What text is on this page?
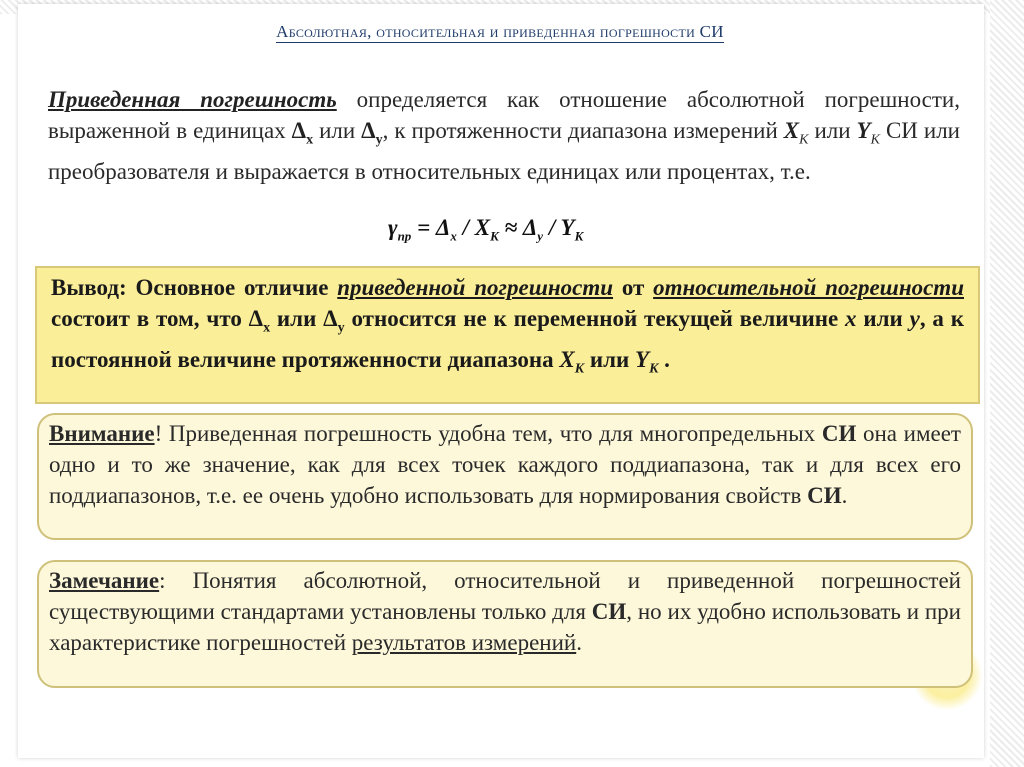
Абсолютная, относительная и приведенная погрешности СИ
Приведенная погрешность определяется как отношение абсолютной погрешности, выраженной в единицах $\Delta_x$ или $\Delta_y$, к протяженности диапазона измерений $X_K$ или $Y_K$ СИ или преобразователя и выражается в относительных единицах или процентах, т.е.
$\gamma_{пр} = \Delta_x / X_K \approx \Delta_y / Y_K$
Вывод: Основное отличие приведенной погрешности от относительной погрешности состоит в том, что $\Delta_x$ или $\Delta_y$ относится не к переменной текущей величине x или y, а к постоянной величине протяженности диапазона $X_K$ или $Y_K$ .
Внимание! Приведенная погрешность удобна тем, что для многопредельных СИ она имеет одно и то же значение, как для всех точек каждого поддиапазона, так и для всех его поддиапазонов, т.е. ее очень удобно использовать для нормирования свойств СИ.
Замечание: Понятия абсолютной, относительной и приведенной погрешностей существующими стандартами установлены только для СИ, но их удобно использовать и при характеристике погрешностей результатов измерений.
